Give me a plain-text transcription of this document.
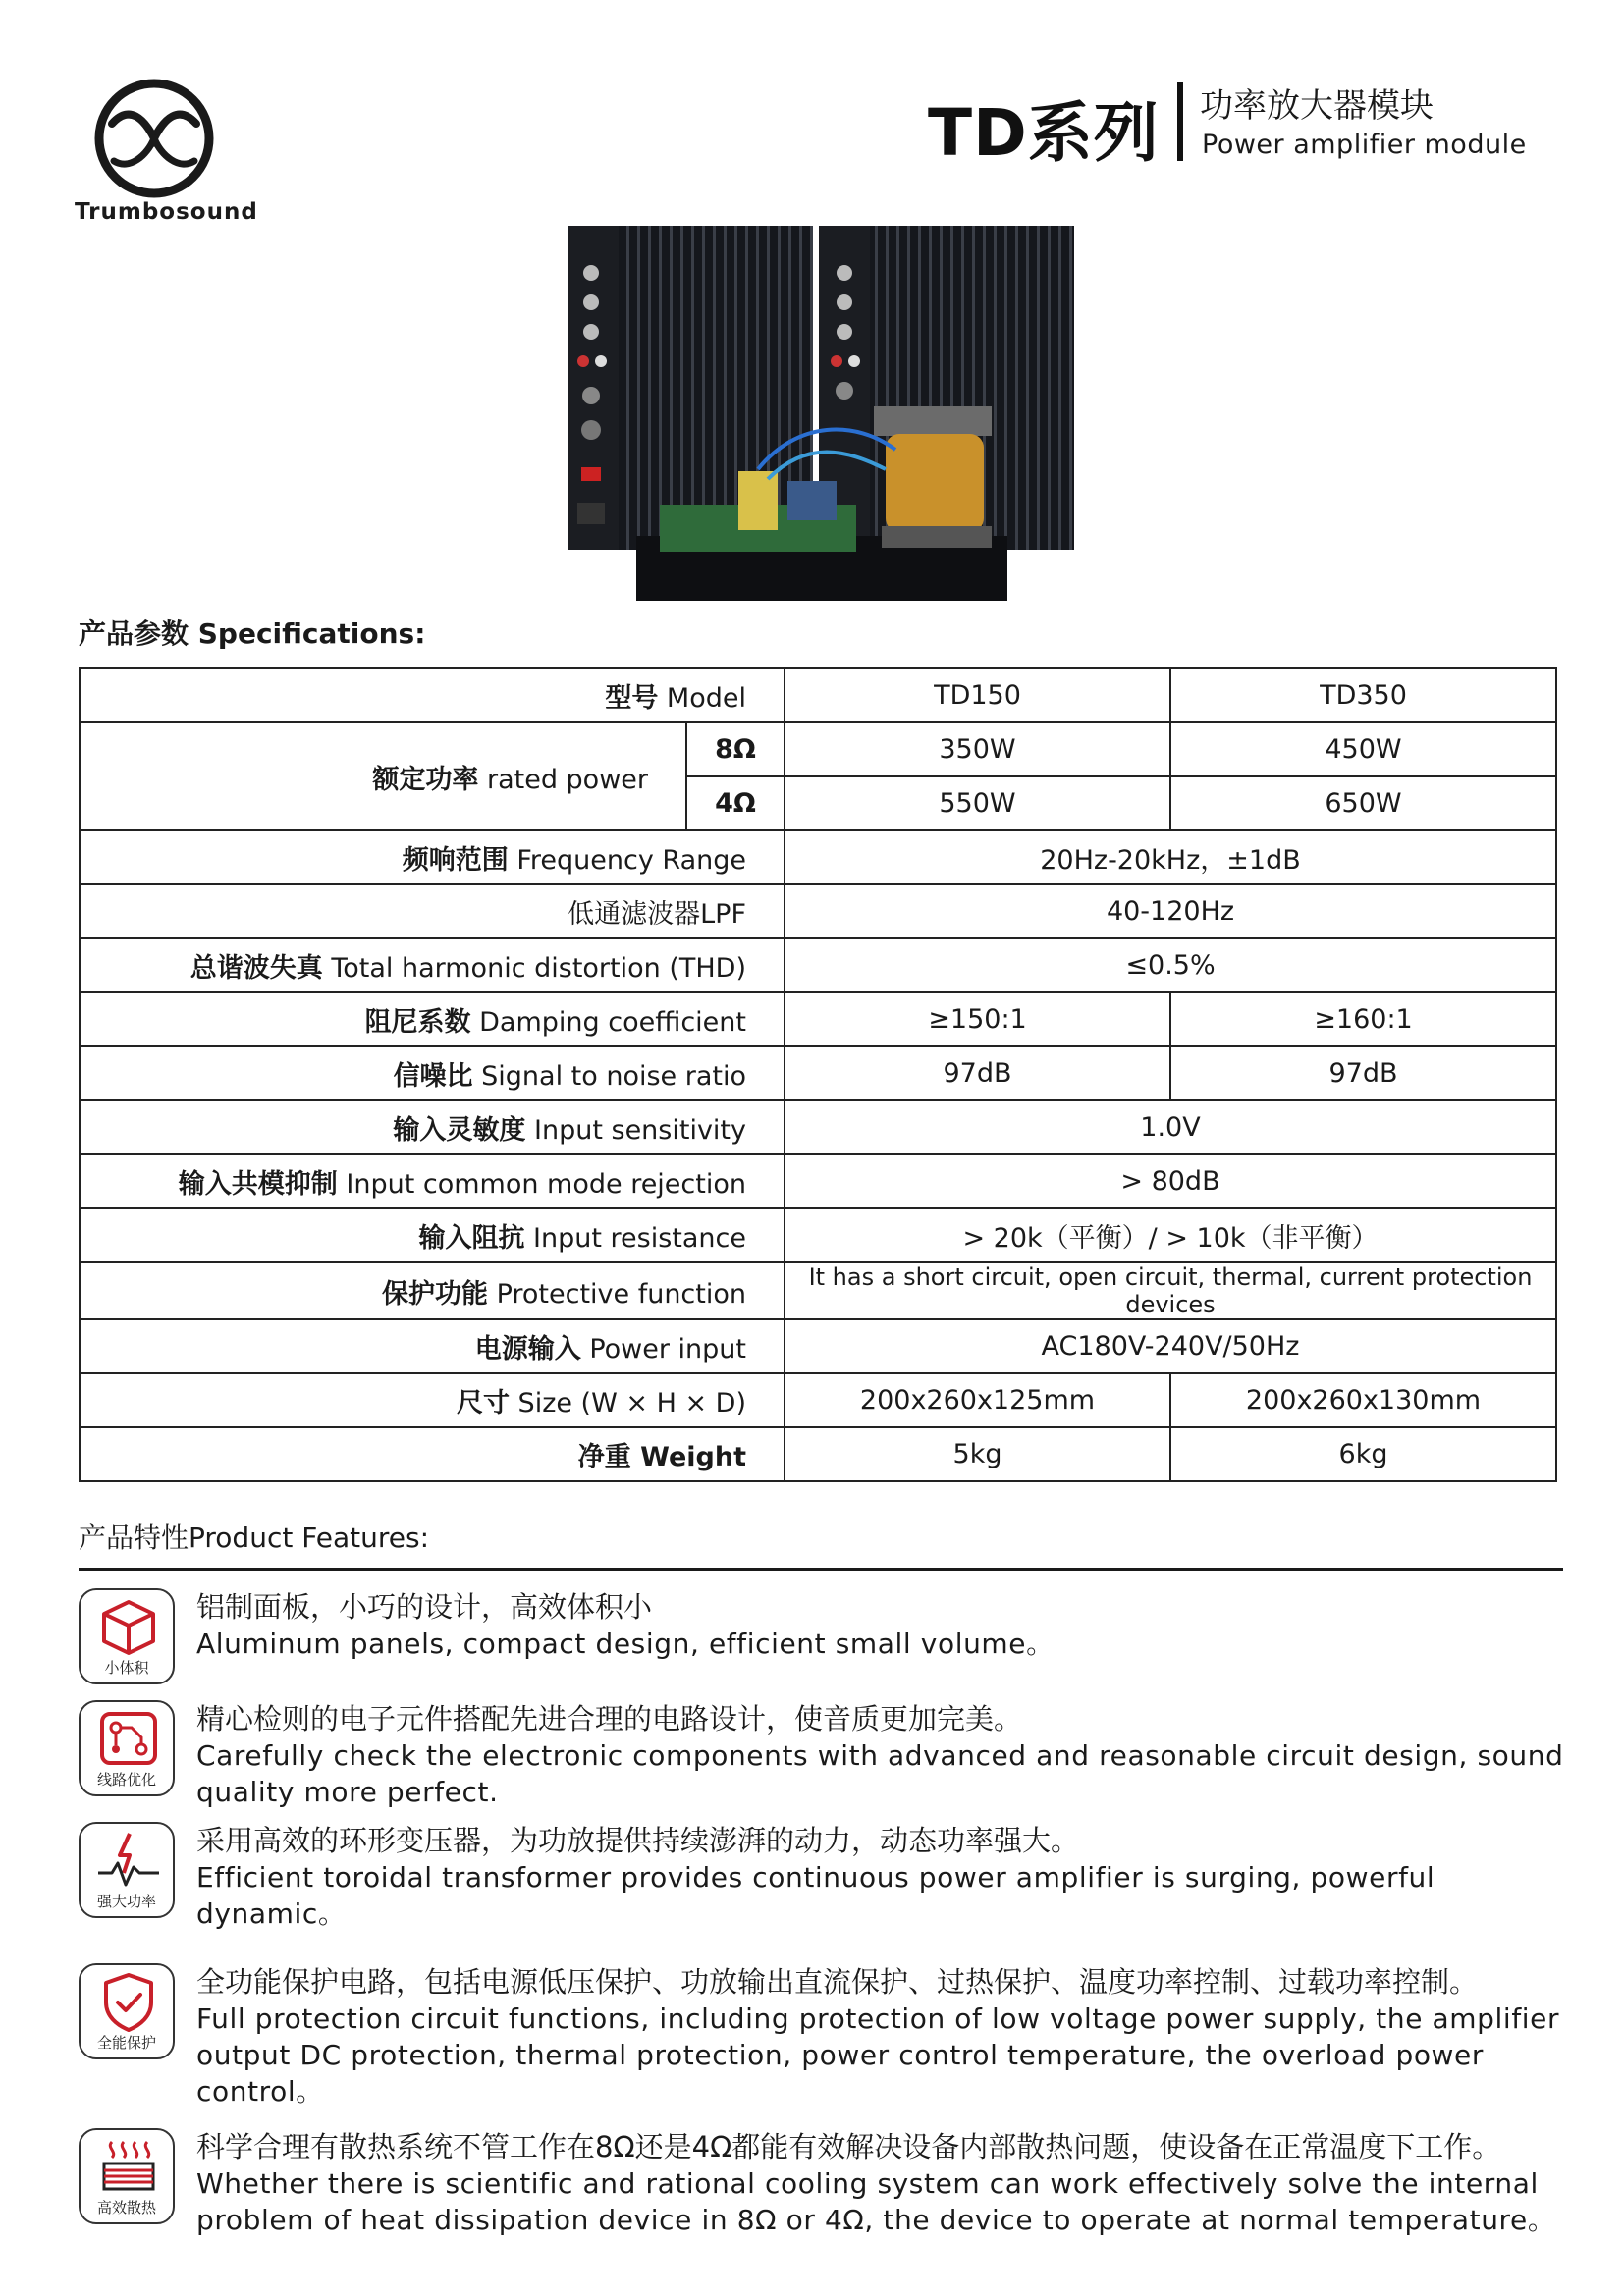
Trumbosound
TD系列 功率放大器模块
Power amplifier module
产品参数 Specifications:
型号 Model		TD150	TD350
额定功率 rated power	8Ω	350W	450W
	4Ω	550W	650W
频响范围 Frequency Range		20Hz-20kHz，±1dB	
低通滤波器LPF		40-120Hz	
总谐波失真 Total harmonic distortion (THD)		≤0.5%	
阻尼系数 Damping coefficient		≥150:1	≥160:1
信噪比 Signal to noise ratio		97dB	97dB
输入灵敏度 Input sensitivity		1.0V	
输入共模抑制 Input common mode rejection		> 80dB	
输入阻抗 Input resistance		> 20k（平衡）/ > 10k（非平衡）	
保护功能 Protective function		It has a short circuit, open circuit, thermal, current protection devices	
电源输入 Power input		AC180V-240V/50Hz	
尺寸 Size (W × H × D)		200x260x125mm	200x260x130mm
净重 Weight		5kg	6kg
产品特性Product Features:
小体积
铝制面板，小巧的设计，高效体积小
Aluminum panels, compact design, efficient small volume。
线路优化
精心检则的电子元件搭配先进合理的电路设计，使音质更加完美。
Carefully check the electronic components with advanced and reasonable circuit design, sound quality more perfect.
强大功率
采用高效的环形变压器，为功放提供持续澎湃的动力，动态功率强大。
Efficient toroidal transformer provides continuous power amplifier is surging, powerful dynamic。
全能保护
全功能保护电路，包括电源低压保护、功放输出直流保护、过热保护、温度功率控制、过载功率控制。
Full protection circuit functions, including protection of low voltage power supply, the amplifier output DC protection, thermal protection, power control temperature, the overload power control。
高效散热
科学合理有散热系统不管工作在8Ω还是4Ω都能有效解决设备内部散热问题，使设备在正常温度下工作。
Whether there is scientific and rational cooling system can work effectively solve the internal problem of heat dissipation device in 8Ω or 4Ω, the device to operate at normal temperature。
